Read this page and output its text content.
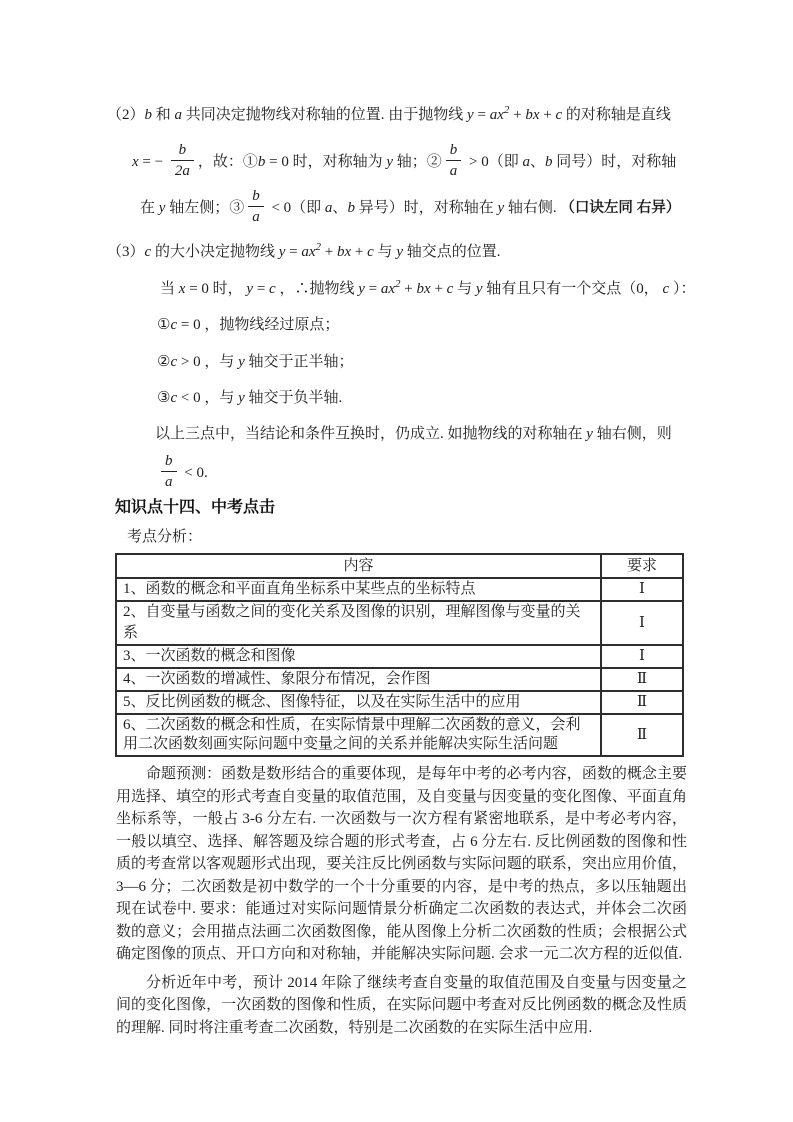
（2）b 和 a 共同决定抛物线对称轴的位置. 由于抛物线 $y = ax^2$ + bx + c 的对称轴是直线
x = − $\frac{b}{2a}$ ，故：①b = 0 时，对称轴为 y 轴；② $\frac{b}{a} > 0$（即 a、b 同号）时，对称轴
在 y 轴左侧；③ $\frac{b}{a} < 0$（即 a、b 异号）时，对称轴在 y 轴右侧. （口诀左同 右异）
（3）c 的大小决定抛物线 $y = ax^2$ + bx + c 与 y 轴交点的位置.
当 x = 0 时， y = c ，∴抛物线 $y = ax^2$ + bx + c 与 y 轴有且只有一个交点（0， c ）：
①c = 0 ，抛物线经过原点；
②c > 0 ，与 y 轴交于正半轴；
③c < 0 ，与 y 轴交于负半轴.
以上三点中，当结论和条件互换时，仍成立. 如抛物线的对称轴在 y 轴右侧，则
$\frac{b}{a} < 0$.
知识点十四、中考点击
考点分析：
内容	要求
1、函数的概念和平面直角坐标系中某些点的坐标特点	Ⅰ
2、自变量与函数之间的变化关系及图像的识别，理解图像与变量的关系	Ⅰ
3、一次函数的概念和图像	Ⅰ
4、一次函数的增减性、象限分布情况，会作图	Ⅱ
5、反比例函数的概念、图像特征，以及在实际生活中的应用	Ⅱ
6、二次函数的概念和性质，在实际情景中理解二次函数的意义，会利用二次函数刻画实际问题中变量之间的关系并能解决实际生活问题	Ⅱ
命题预测：函数是数形结合的重要体现，是每年中考的必考内容，函数的概念主要用选择、填空的形式考查自变量的取值范围，及自变量与因变量的变化图像、平面直角坐标系等，一般占 3-6 分左右. 一次函数与一次方程有紧密地联系，是中考必考内容，一般以填空、选择、解答题及综合题的形式考查，占 6 分左右. 反比例函数的图像和性质的考查常以客观题形式出现，要关注反比例函数与实际问题的联系，突出应用价值，3—6 分；二次函数是初中数学的一个十分重要的内容，是中考的热点，多以压轴题出现在试卷中. 要求：能通过对实际问题情景分析确定二次函数的表达式，并体会二次函数的意义；会用描点法画二次函数图像，能从图像上分析二次函数的性质；会根据公式确定图像的顶点、开口方向和对称轴，并能解决实际问题. 会求一元二次方程的近似值.
分析近年中考，预计 2014 年除了继续考查自变量的取值范围及自变量与因变量之间的变化图像，一次函数的图像和性质，在实际问题中考查对反比例函数的概念及性质的理解. 同时将注重考查二次函数，特别是二次函数的在实际生活中应用.
